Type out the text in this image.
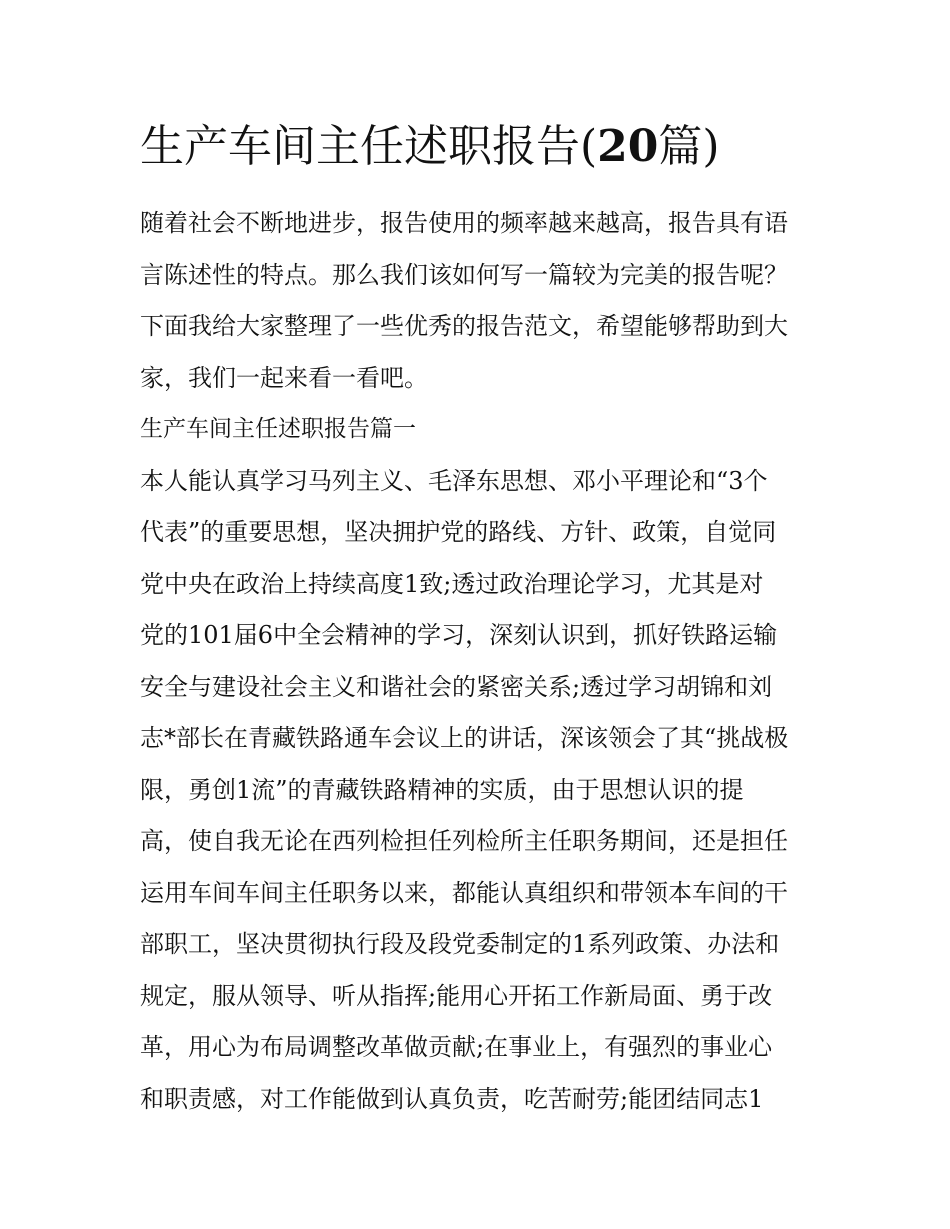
生产车间主任述职报告(20篇)
随着社会不断地进步，报告使用的频率越来越高，报告具有语
言陈述性的特点。那么我们该如何写一篇较为完美的报告呢？
下面我给大家整理了一些优秀的报告范文，希望能够帮助到大
家，我们一起来看一看吧。
生产车间主任述职报告篇一
本人能认真学习马列主义、毛泽东思想、邓小平理论和“3个
代表”的重要思想，坚决拥护党的路线、方针、政策，自觉同
党中央在政治上持续高度1致;透过政治理论学习，尤其是对
党的101届6中全会精神的学习，深刻认识到，抓好铁路运输
安全与建设社会主义和谐社会的紧密关系;透过学习胡锦和刘
志*部长在青藏铁路通车会议上的讲话，深该领会了其“挑战极
限，勇创1流”的青藏铁路精神的实质，由于思想认识的提
高，使自我无论在西列检担任列检所主任职务期间，还是担任
运用车间车间主任职务以来，都能认真组织和带领本车间的干
部职工，坚决贯彻执行段及段党委制定的1系列政策、办法和
规定，服从领导、听从指挥;能用心开拓工作新局面、勇于改
革，用心为布局调整改革做贡献;在事业上，有强烈的事业心
和职责感，对工作能做到认真负责，吃苦耐劳;能团结同志1
